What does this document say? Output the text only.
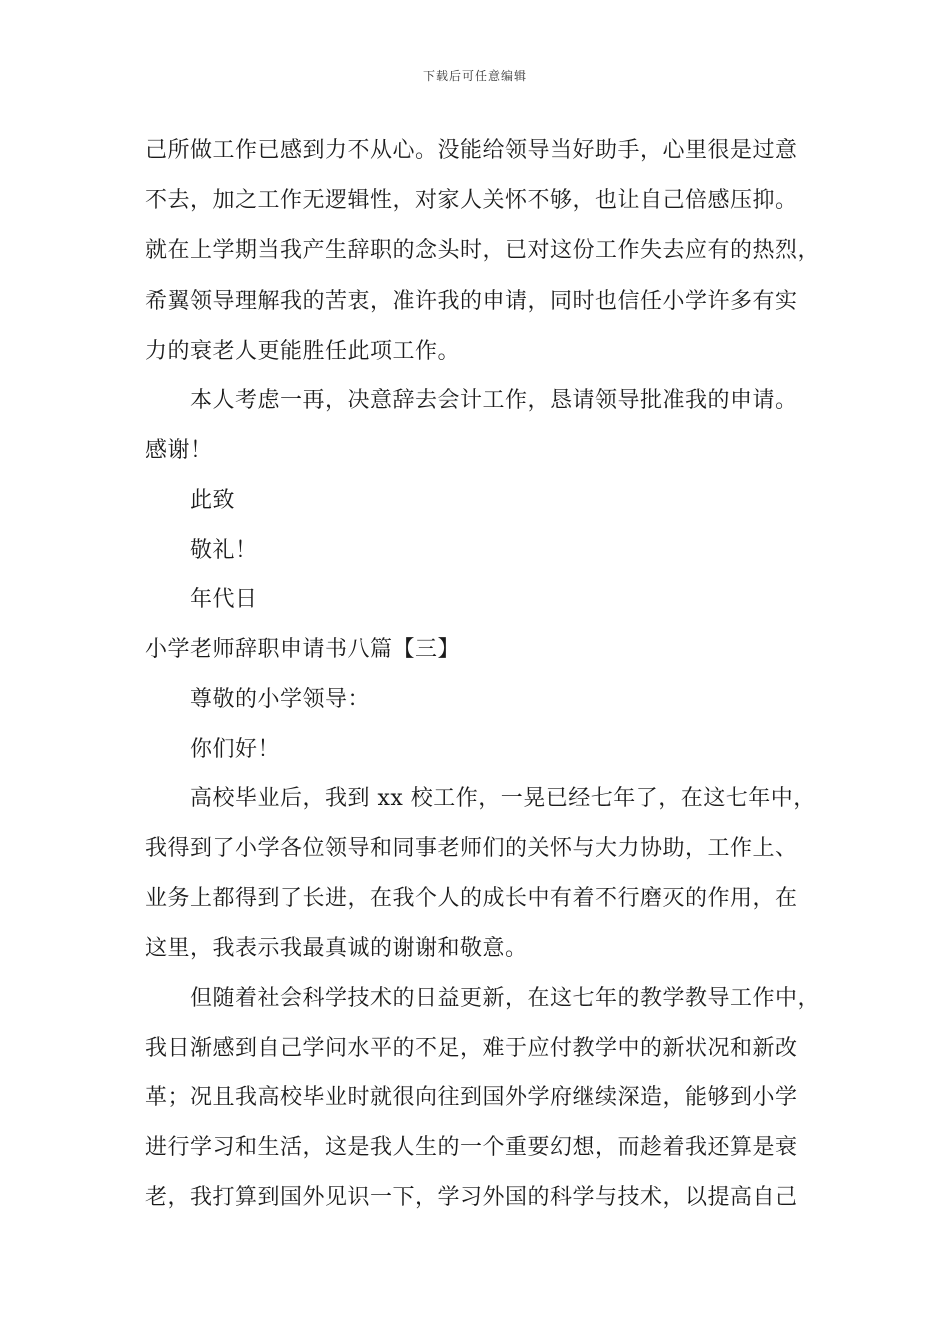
下载后可任意编辑
己所做工作已感到力不从心。没能给领导当好助手，心里很是过意
不去，加之工作无逻辑性，对家人关怀不够，也让自己倍感压抑。
就在上学期当我产生辞职的念头时，已对这份工作失去应有的热烈，
希翼领导理解我的苦衷，准许我的申请，同时也信任小学许多有实
力的衰老人更能胜任此项工作。
本人考虑一再，决意辞去会计工作，恳请领导批准我的申请。
感谢！
此致
敬礼！
年代日
小学老师辞职申请书八篇【三】
尊敬的小学领导：
你们好！
高校毕业后，我到 xx 校工作，一晃已经七年了，在这七年中，
我得到了小学各位领导和同事老师们的关怀与大力协助，工作上、
业务上都得到了长进，在我个人的成长中有着不行磨灭的作用，在
这里，我表示我最真诚的谢谢和敬意。
但随着社会科学技术的日益更新，在这七年的教学教导工作中，
我日渐感到自己学问水平的不足，难于应付教学中的新状况和新改
革；况且我高校毕业时就很向往到国外学府继续深造，能够到小学
进行学习和生活，这是我人生的一个重要幻想，而趁着我还算是衰
老，我打算到国外见识一下，学习外国的科学与技术，以提高自己
